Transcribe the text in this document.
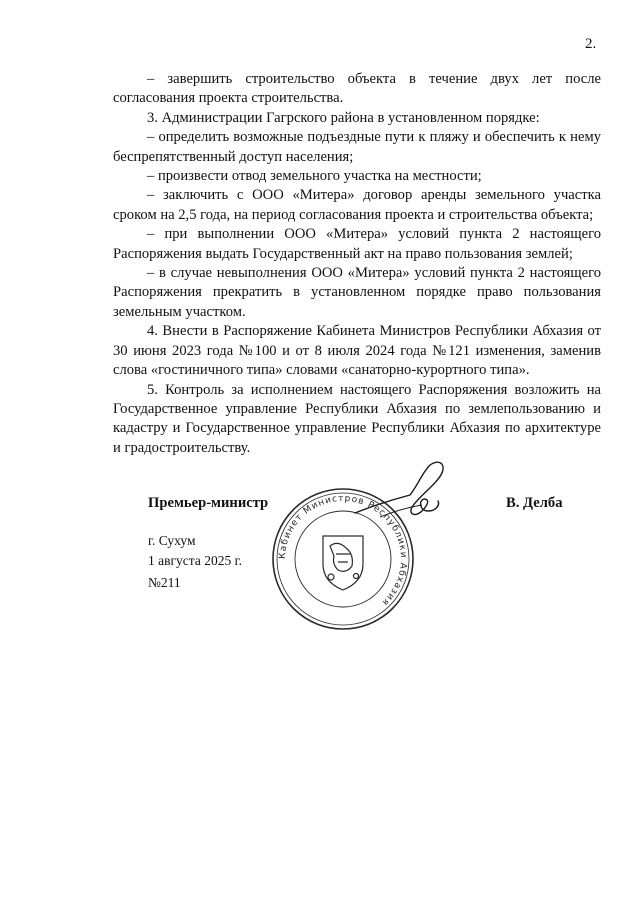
2.

– завершить строительство объекта в течение двух лет после согласования проекта строительства.

3. Администрации Гагрского района в установленном порядке:

– определить возможные подъездные пути к пляжу и обеспечить к нему беспрепятственный доступ населения;

– произвести отвод земельного участка на местности;

– заключить с ООО «Митера» договор аренды земельного участка сроком на 2,5 года, на период согласования проекта и строительства объекта;

– при выполнении ООО «Митера» условий пункта 2 настоящего Распоряжения выдать Государственный акт на право пользования землей;

– в случае невыполнения ООО «Митера» условий пункта 2 настоящего Распоряжения прекратить в установленном порядке право пользования земельным участком.

4. Внести в Распоряжение Кабинета Министров Республики Абхазия от 30 июня 2023 года №100 и от 8 июля 2024 года №121 изменения, заменив слова «гостиничного типа» словами «санаторно-курортного типа».

5. Контроль за исполнением настоящего Распоряжения возложить на Государственное управление Республики Абхазия по землепользованию и кадастру и Государственное управление Республики Абхазия по архитектуре и градостроительству.

Кабинет Министров Республики Абхазия
Премьер-министр	В. Делба
г. Сухум
1 августа 2025 г.
№211
